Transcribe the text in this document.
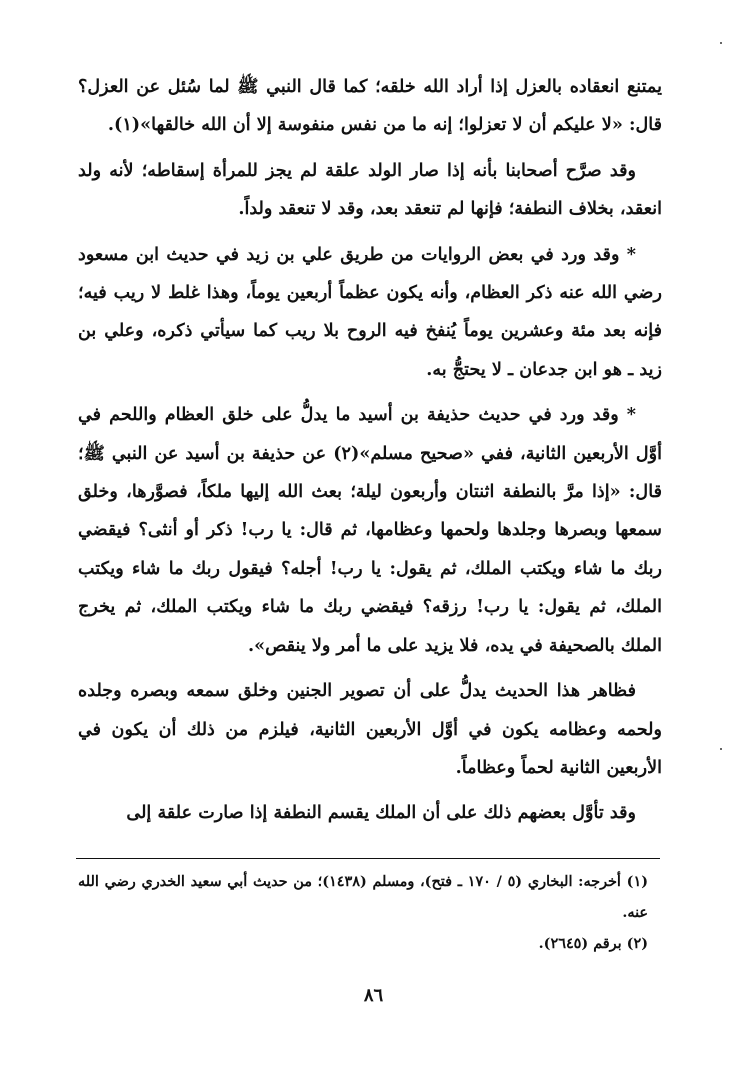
يمتنع انعقاده بالعزل إذا أراد الله خلقه؛ كما قال النبي ﷺ لما سُئل عن العزل؟ قال: «لا عليكم أن لا تعزلوا؛ إنه ما من نفس منفوسة إلا أن الله خالقها»(١).

وقد صرَّح أصحابنا بأنه إذا صار الولد علقة لم يجز للمرأة إسقاطه؛ لأنه ولد انعقد، بخلاف النطفة؛ فإنها لم تنعقد بعد، وقد لا تنعقد ولداً.

* وقد ورد في بعض الروايات من طريق علي بن زيد في حديث ابن مسعود رضي الله عنه ذكر العظام، وأنه يكون عظماً أربعين يوماً، وهذا غلط لا ريب فيه؛ فإنه بعد مئة وعشرين يوماً يُنفخ فيه الروح بلا ريب كما سيأتي ذكره، وعلي بن زيد ـ هو ابن جدعان ـ لا يحتجُّ به.

* وقد ورد في حديث حذيفة بن أسيد ما يدلُّ على خلق العظام واللحم في أوَّل الأربعين الثانية، ففي «صحيح مسلم»(٢) عن حذيفة بن أسيد عن النبي ﷺ؛ قال: «إذا مرَّ بالنطفة اثنتان وأربعون ليلة؛ بعث الله إليها ملكاً، فصوَّرها، وخلق سمعها وبصرها وجلدها ولحمها وعظامها، ثم قال: يا رب! ذكر أو أنثى؟ فيقضي ربك ما شاء ويكتب الملك، ثم يقول: يا رب! أجله؟ فيقول ربك ما شاء ويكتب الملك، ثم يقول: يا رب! رزقه؟ فيقضي ربك ما شاء ويكتب الملك، ثم يخرج الملك بالصحيفة في يده، فلا يزيد على ما أمر ولا ينقص».

فظاهر هذا الحديث يدلُّ على أن تصوير الجنين وخلق سمعه وبصره وجلده ولحمه وعظامه يكون في أوَّل الأربعين الثانية، فيلزم من ذلك أن يكون في الأربعين الثانية لحماً وعظاماً.

وقد تأوَّل بعضهم ذلك على أن الملك يقسم النطفة إذا صارت علقة إلى

(١) أخرجه: البخاري (٥ / ١٧٠ ـ فتح)، ومسلم (١٤٣٨)؛ من حديث أبي سعيد الخدري رضي الله عنه.

(٢) برقم (٢٦٤٥).

٨٦
